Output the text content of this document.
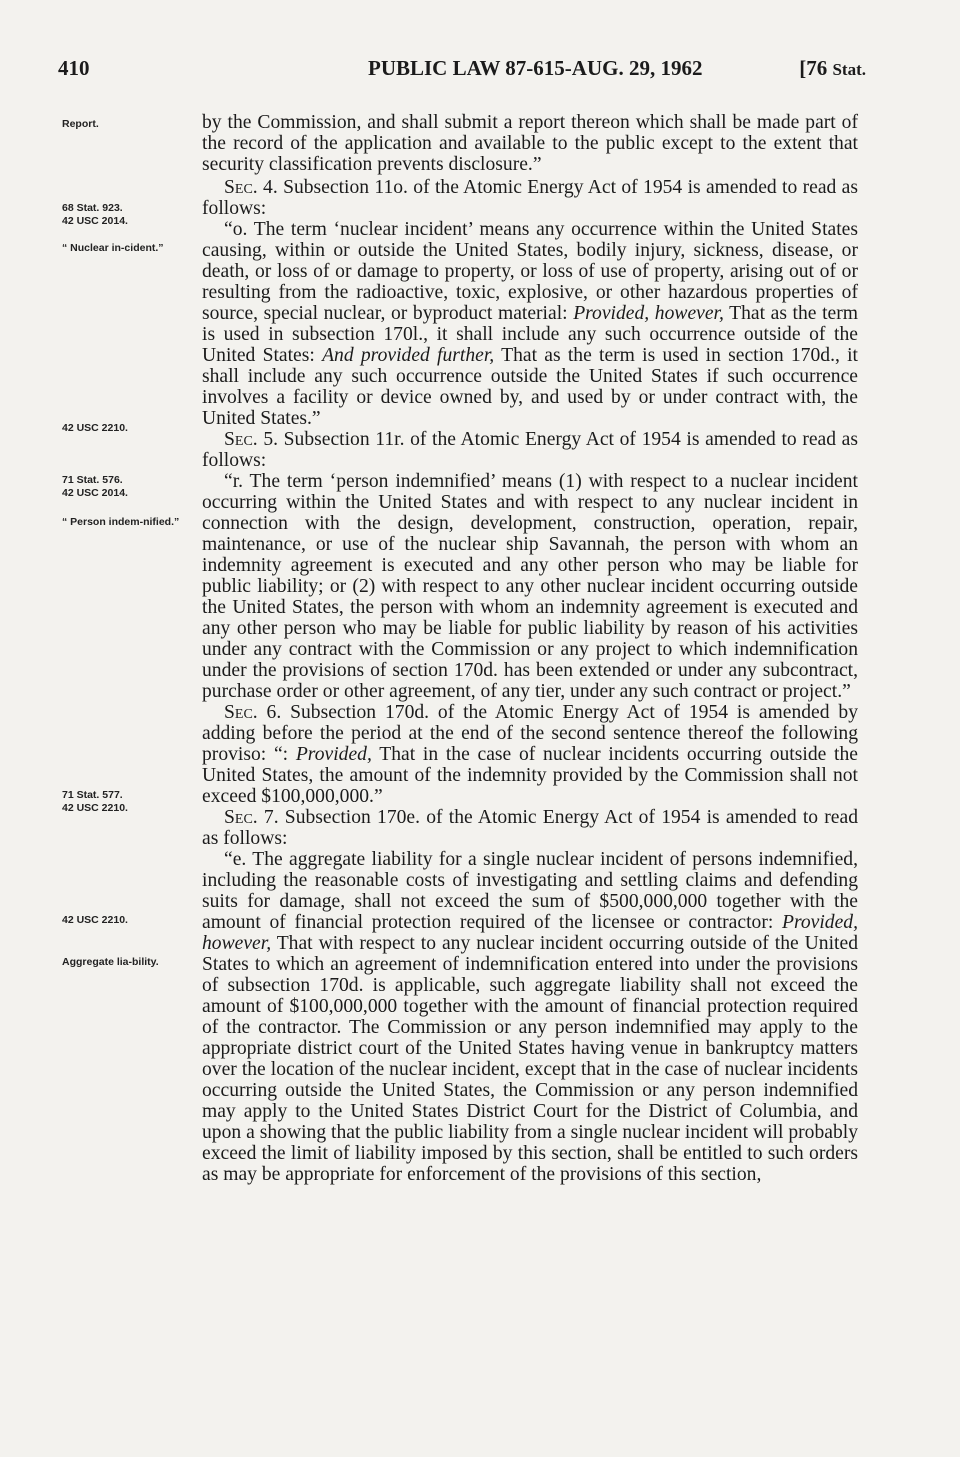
410	PUBLIC LAW 87-615-AUG. 29, 1962	[76 Stat.
Report.
68 Stat. 923.
42 USC 2014.
“ Nuclear in-cident.”
42 USC 2210.
71 Stat. 576.
42 USC 2014.
“ Person indem-nified.”
71 Stat. 577.
42 USC 2210.
42 USC 2210.
Aggregate lia-bility.

by the Commission, and shall submit a report thereon which shall be made part of the record of the application and available to the public except to the extent that security classification prevents disclosure.”

Sec. 4. Subsection 11o. of the Atomic Energy Act of 1954 is amended to read as follows:

“o. The term ‘nuclear incident’ means any occurrence within the United States causing, within or outside the United States, bodily injury, sickness, disease, or death, or loss of or damage to property, or loss of use of property, arising out of or resulting from the radioactive, toxic, explosive, or other hazardous properties of source, special nuclear, or byproduct material: Provided, however, That as the term is used in subsection 170l., it shall include any such occurrence outside of the United States: And provided further, That as the term is used in section 170d., it shall include any such occurrence outside the United States if such occurrence involves a facility or device owned by, and used by or under contract with, the United States.”

Sec. 5. Subsection 11r. of the Atomic Energy Act of 1954 is amended to read as follows:

“r. The term ‘person indemnified’ means (1) with respect to a nuclear incident occurring within the United States and with respect to any nuclear incident in connection with the design, development, construction, operation, repair, maintenance, or use of the nuclear ship Savannah, the person with whom an indemnity agreement is executed and any other person who may be liable for public liability; or (2) with respect to any other nuclear incident occurring outside the United States, the person with whom an indemnity agreement is executed and any other person who may be liable for public liability by reason of his activities under any contract with the Commission or any project to which indemnification under the provisions of section 170d. has been extended or under any subcontract, purchase order or other agreement, of any tier, under any such contract or project.”

Sec. 6. Subsection 170d. of the Atomic Energy Act of 1954 is amended by adding before the period at the end of the second sentence thereof the following proviso: “: Provided, That in the case of nuclear incidents occurring outside the United States, the amount of the indemnity provided by the Commission shall not exceed $100,000,000.”

Sec. 7. Subsection 170e. of the Atomic Energy Act of 1954 is amended to read as follows:

“e. The aggregate liability for a single nuclear incident of persons indemnified, including the reasonable costs of investigating and settling claims and defending suits for damage, shall not exceed the sum of $500,000,000 together with the amount of financial protection required of the licensee or contractor: Provided, however, That with respect to any nuclear incident occurring outside of the United States to which an agreement of indemnification entered into under the provisions of subsection 170d. is applicable, such aggregate liability shall not exceed the amount of $100,000,000 together with the amount of financial protection required of the contractor. The Commission or any person indemnified may apply to the appropriate district court of the United States having venue in bankruptcy matters over the location of the nuclear incident, except that in the case of nuclear incidents occurring outside the United States, the Commission or any person indemnified may apply to the United States District Court for the District of Columbia, and upon a showing that the public liability from a single nuclear incident will probably exceed the limit of liability imposed by this section, shall be entitled to such orders as may be appropriate for enforcement of the provisions of this section,
